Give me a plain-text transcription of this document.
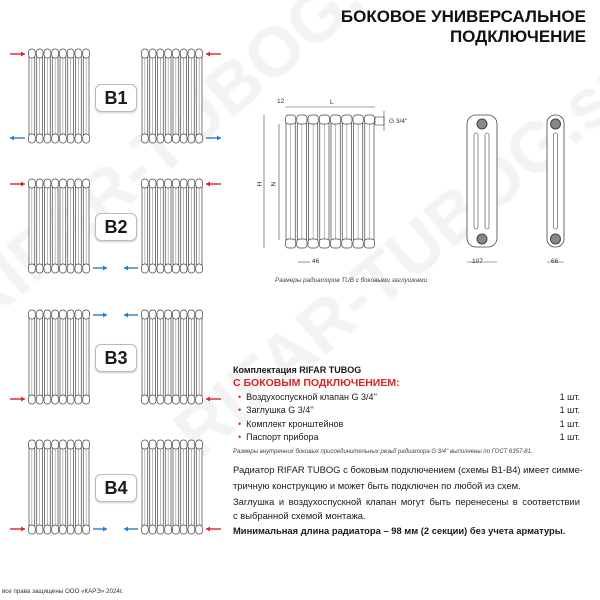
БОКОВОЕ УНИВЕРСАЛЬНОЕ
ПОДКЛЮЧЕНИЕ
B1
B2
B3
B4
12	L
G 3/4''
H N
46	107	66
Размеры радиаторов TUB с боковыми заглушками
Комплектация RIFAR TUBOG
С БОКОВЫМ ПОДКЛЮЧЕНИЕМ:
• Воздухоспускной клапан G 3/4''	1 шт.
• Заглушка G 3/4''	1 шт.
• Комплект кронштейнов	1 шт.
• Паспорт прибора	1 шт.
Размеры внутренних боковых присоединительных резьб радиатора G 3/4'' выполнены по ГОСТ 6357-81.
Радиатор RIFAR TUBOG с боковым подключением (схемы B1-B4) имеет симме-
тричную конструкцию и может быть подключен по любой из схем.
Заглушка и воздухоспускной клапан могут быть перенесены в соответствии
с выбранной схемой монтажа.
Минимальная длина радиатора – 98 мм (2 секции) без учета арматуры.
все права защищены ООО «КАРЭ» 2024г.
